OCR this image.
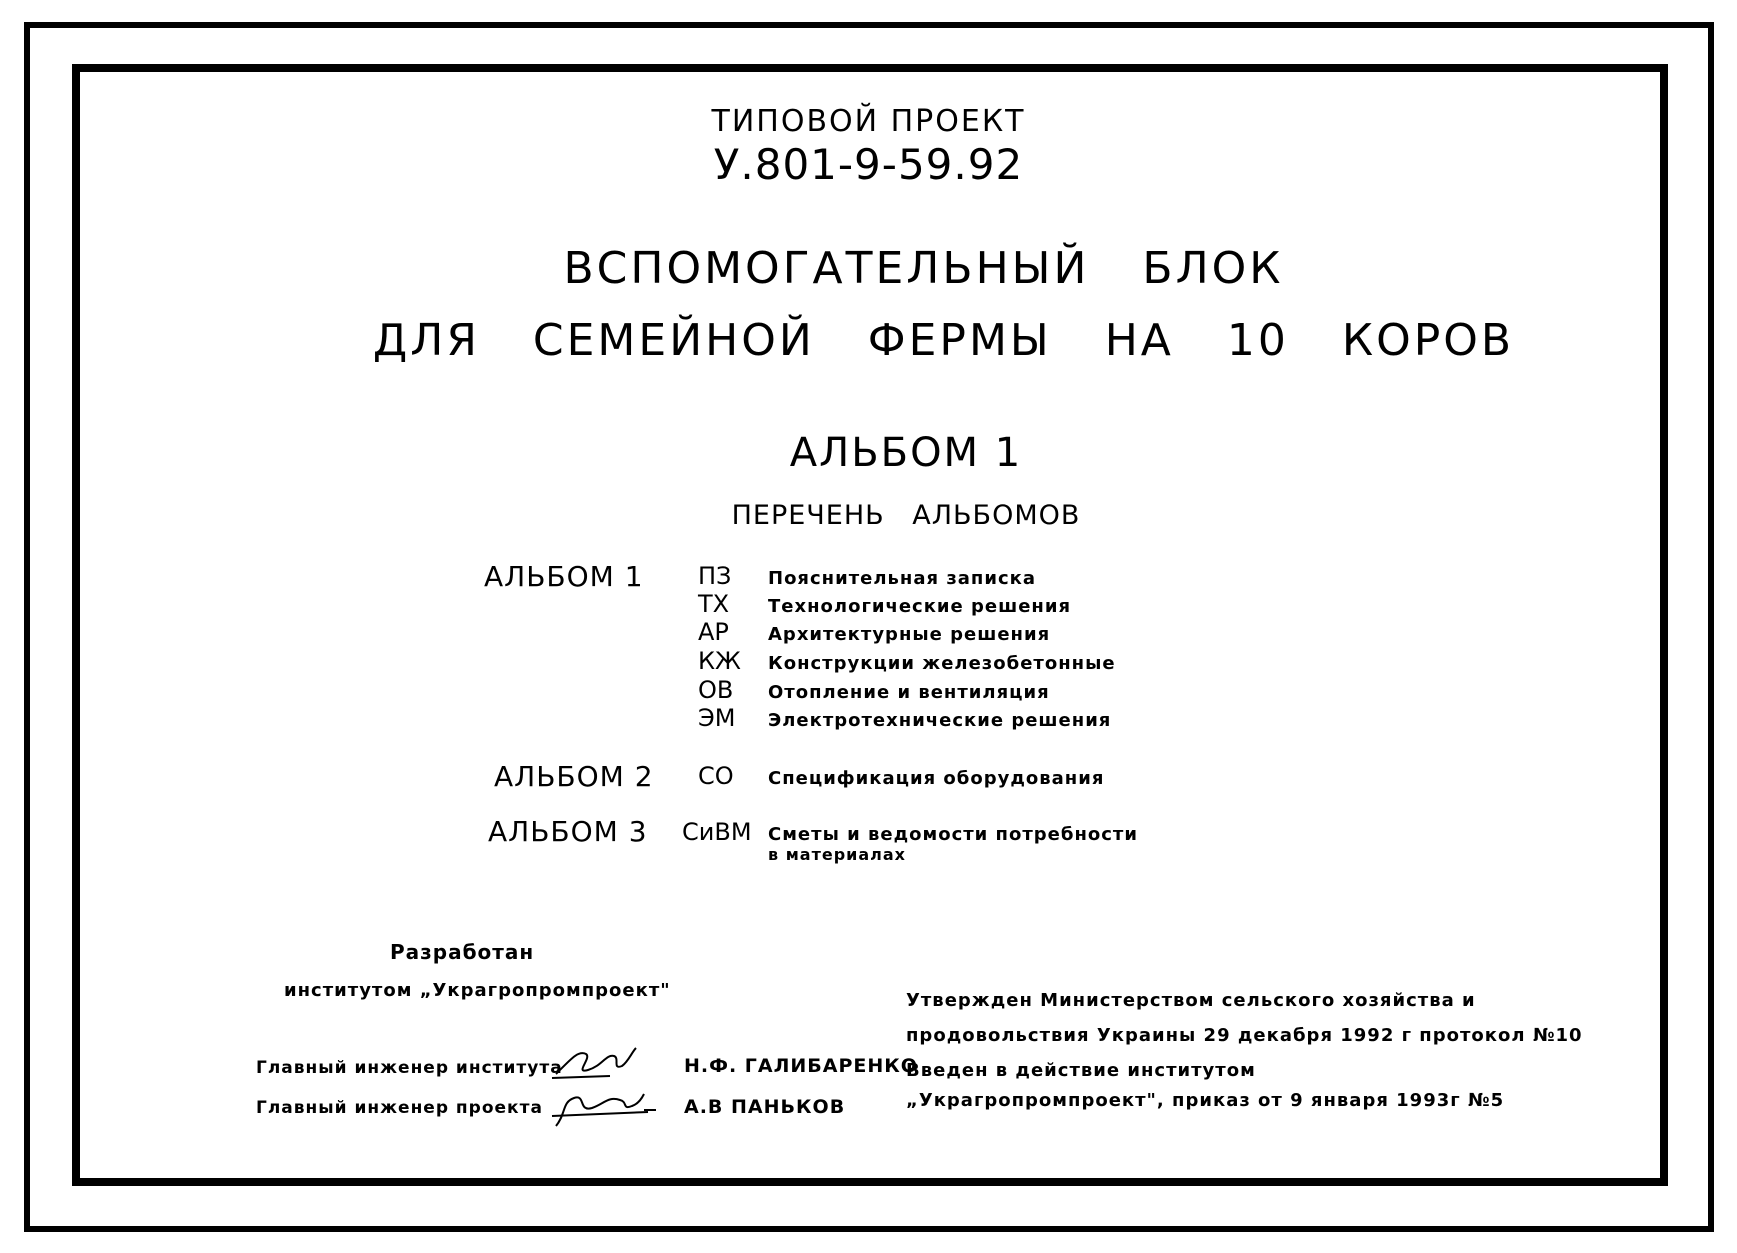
ТИПОВОЙ ПРОЕКТ
У.801-9-59.92
ВСПОМОГАТЕЛЬНЫЙ БЛОК
ДЛЯ СЕМЕЙНОЙ ФЕРМЫ НА 10 КОРОВ
АЛЬБОМ 1
ПЕРЕЧЕНЬ АЛЬБОМОВ
АЛЬБОМ 1 ПЗ Пояснительная записка
ТХ Технологические решения
АР Архитектурные решения
КЖ Конструкции железобетонные
ОВ Отопление и вентиляция
ЭМ Электротехнические решения
АЛЬБОМ 2 СО Спецификация оборудования
АЛЬБОМ 3 СиВМ Сметы и ведомости потребности
в материалах
Разработан
институтом „Украгропромпроект"
Главный инженер института	Н.Ф. ГАЛИБАРЕНКО
Главный инженер проекта	А.В ПАНЬКОВ
Утвержден Министерством сельского хозяйства и
продовольствия Украины 29 декабря 1992 г протокол №10
Введен в действие институтом
„Украгропромпроект", приказ от 9 января 1993г №5
